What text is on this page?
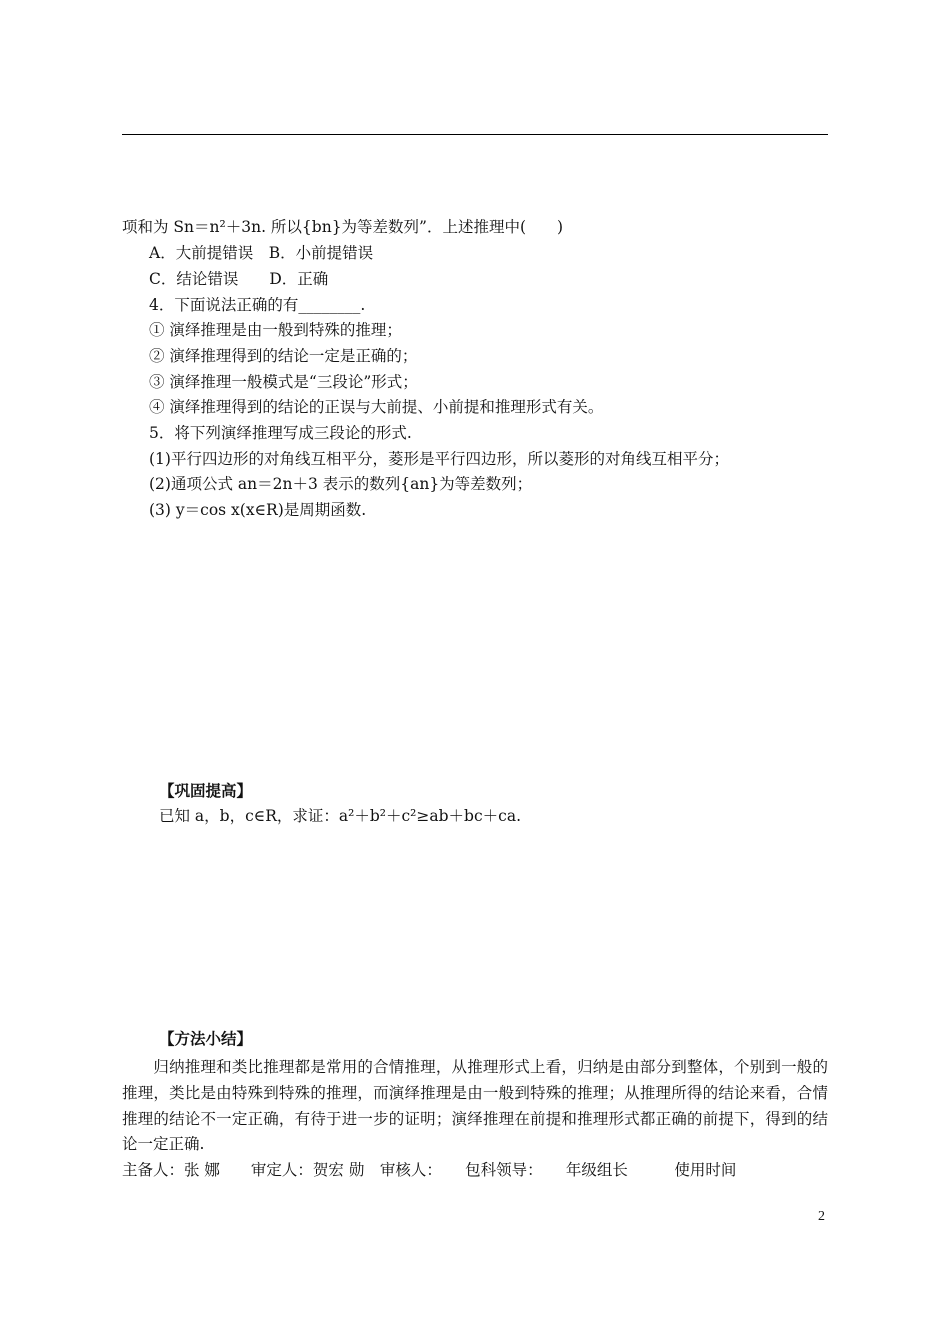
项和为 Sn＝n²＋3n. 所以{bn}为等差数列”．上述推理中(　　)
A．大前提错误　B．小前提错误
C．结论错误　　D．正确
4．下面说法正确的有________.
① 演绎推理是由一般到特殊的推理；
② 演绎推理得到的结论一定是正确的；
③ 演绎推理一般模式是“三段论”形式；
④ 演绎推理得到的结论的正误与大前提、小前提和推理形式有关。
5．将下列演绎推理写成三段论的形式.
(1)平行四边形的对角线互相平分，菱形是平行四边形，所以菱形的对角线互相平分；
(2)通项公式 an＝2n＋3 表示的数列{an}为等差数列；
(3) y＝cos x(x∈R)是周期函数.
【巩固提高】
已知 a，b，c∈R，求证：a²＋b²＋c²≥ab＋bc＋ca.
【方法小结】
　　归纳推理和类比推理都是常用的合情推理，从推理形式上看，归纳是由部分到整体，个别到一般的推理，类比是由特殊到特殊的推理，而演绎推理是由一般到特殊的推理；从推理所得的结论来看，合情推理的结论不一定正确，有待于进一步的证明；演绎推理在前提和推理形式都正确的前提下，得到的结论一定正确.
主备人：张 娜　　审定人：贺宏 勋　审核人：　　包科领导：　　年级组长　　　使用时间
2
